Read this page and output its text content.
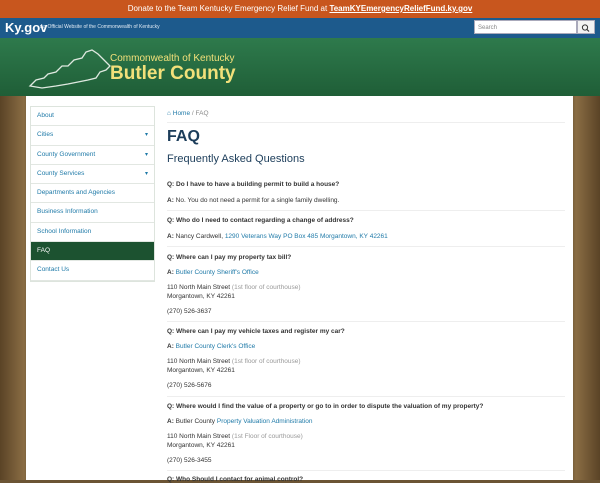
Donate to the Team Kentucky Emergency Relief Fund at TeamKYEmergencyReliefFund.ky.gov
Ky.gov
An Official Website of the Commonwealth of Kentucky	Search
Commonwealth of Kentucky
Butler County
About
Cities	▾
County Government	▾
County Services	▾
Departments and Agencies
Business Information
School Information
FAQ
Contact Us
⌂ Home / FAQ
FAQ
Frequently Asked Questions
Q: Do I have to have a building permit to build a house?
A: No. You do not need a permit for a single family dwelling.
Q: Who do I need to contact regarding a change of address?
A: Nancy Cardwell, 1290 Veterans Way PO Box 485 Morgantown, KY 42261
Q: Where can I pay my property tax bill?
A: Butler County Sheriff's Office
110 North Main Street (1st floor of courthouse)
Morgantown, KY 42261
(270) 526-3637
Q: Where can I pay my vehicle taxes and register my car?
A: Butler County Clerk's Office
110 North Main Street (1st floor of courthouse)
Morgantown, KY 42261
(270) 526-5676
Q: Where would I find the value of a property or go to in order to dispute the valuation of my property?
A: Butler County Property Valuation Administration
110 North Main Street (1st Floor of courthouse)
Morgantown, KY 42261
(270) 526-3455
Q: Who Should I contact for animal control?
